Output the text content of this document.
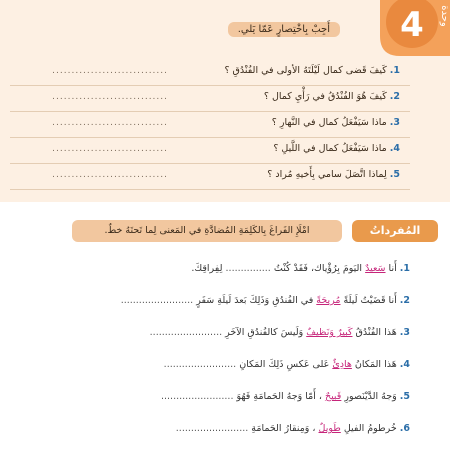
4 وحدة
أَجِبْ بِاخْتِصارٍ عَمّا يَلي.
1. كَيفَ قَضى كمال لَيْلَتَهُ الأولى في الفُنْدُقِ ؟
..............................
2. كَيفَ هُوَ الفُنْدُقُ في رَأْيِ كمال ؟
..............................
3. ماذا سَيَفْعَلُ كمال في النَّهارِ ؟
..............................
4. ماذا سَيَفْعَلُ كمال في اللَّيلِ ؟
..............................
5. لِماذا اتَّصَلَ سامي بِأَخيهِ مُراد ؟
..............................
المُفرداتُ
امْلَإِ الفَراغَ بِالكَلِمَةِ المُضادَّةِ في المَعنى لِما تَحتَهُ خطٌ.
1. أَنا سَعيدٌ اليَومَ بِرُؤْياك، فَقَدْ كُنْتُ ............... لِفِراقِكَ.
2. أَنا قَضَيْتُ لَيلَةً مُريحَةً في الفُندُقِ وَذَلِكَ بَعدَ لَيلَةِ سَفَرٍ ........................
3. هَذا الفُنْدُقُ كَبيرٌ وَنَظيفٌ وَلَيسَ كالفُندُقِ الآخَرِ ........................
4. هَذا المَكانُ هادِئٌ عَلى عَكسِ ذَلِكَ المَكانِ ........................
5. وَجهُ الدَّيْنَصورِ قَبيحٌ ، أَمّا وَجهُ الحَمامَةِ فَهُوَ ........................
6. خُرطومُ الفيلِ طَويلٌ ، وَمِنقارُ الحَمامَةِ ........................
